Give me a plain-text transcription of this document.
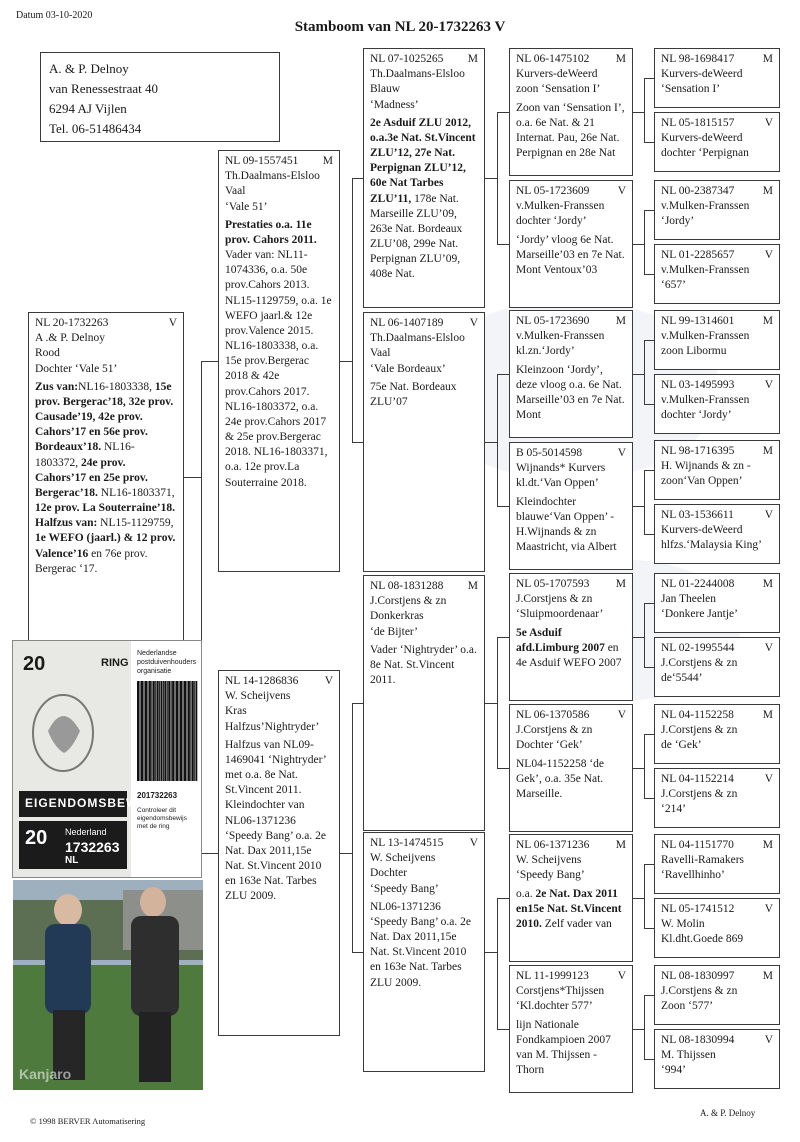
Datum 03-10-2020
Stamboom van NL 20-1732263 V
A. & P. Delnoy
van Renessestraat 40
6294 AJ Vijlen
Tel. 06-51486434
NL 20-1732263	V
A .& P. Delnoy
Rood
Dochter ‘Vale 51’
Zus van:NL16-1803338, 15e prov. Bergerac’18, 32e prov. Causade’19, 42e prov. Cahors’17 en 56e prov. Bordeaux’18. NL16-1803372, 24e prov. Cahors’17 en 25e prov. Bergerac’18. NL16-1803371, 12e prov. La Souterraine’18. Halfzus van: NL15-1129759, 1e WEFO (jaarl.) & 12 prov. Valence’16 en 76e prov. Bergerac ‘17.
NL 09-1557451 M
Th.Daalmans-Elsloo
Vaal
‘Vale 51’
Prestaties o.a. 11e prov. Cahors 2011. Vader van: NL11-1074336, o.a. 50e prov.Cahors 2013. NL15-1129759, o.a. 1e WEFO jaarl.& 12e prov.Valence 2015. NL16-1803338, o.a. 15e prov.Bergerac 2018 & 42e prov.Cahors 2017. NL16-1803372, o.a. 24e prov.Cahors 2017 & 25e prov.Bergerac 2018. NL16-1803371, o.a. 12e prov.La Souterraine 2018.
NL 14-1286836 V
W. Scheijvens
Kras
Halfzus’Nightryder’
Halfzus van NL09-1469041 ‘Nightryder’ met o.a. 8e Nat. St.Vincent 2011. Kleindochter van NL06-1371236 ‘Speedy Bang’ o.a. 2e Nat. Dax 2011,15e Nat. St.Vincent 2010 en 163e Nat. Tarbes ZLU 2009.
NL 07-1025265 M
Th.Daalmans-Elsloo
Blauw
‘Madness’
2e Asduif ZLU 2012, o.a.3e Nat. St.Vincent ZLU’12, 27e Nat. Perpignan ZLU’12, 60e Nat Tarbes ZLU’11, 178e Nat. Marseille ZLU’09, 263e Nat. Bordeaux ZLU’08, 299e Nat. Perpignan ZLU’09, 408e Nat.
NL 06-1407189 V
Th.Daalmans-Elsloo
Vaal
‘Vale Bordeaux’
75e Nat. Bordeaux ZLU’07
NL 08-1831288 M
J.Corstjens & zn
Donkerkras
‘de Bijter’
Vader ‘Nightryder’ o.a. 8e Nat. St.Vincent 2011.
NL 13-1474515 V
W. Scheijvens
Dochter
‘Speedy Bang’
NL06-1371236 ‘Speedy Bang’ o.a. 2e Nat. Dax 2011,15e Nat. St.Vincent 2010 en 163e Nat. Tarbes ZLU 2009.
NL 06-1475102 M
Kurvers-deWeerd
zoon ‘Sensation I’
Zoon van ‘Sensation I’, o.a. 6e Nat. & 21 Internat. Pau, 26e Nat. Perpignan en 28e Nat
NL 05-1723609 V
v.Mulken-Franssen
dochter ‘Jordy’
‘Jordy’ vloog 6e Nat. Marseille’03 en 7e Nat. Mont Ventoux’03
NL 05-1723690 M
v.Mulken-Franssen
kl.zn.‘Jordy’
Kleinzoon ‘Jordy’, deze vloog o.a. 6e Nat. Marseille’03 en 7e Nat. Mont
B 05-5014598	V
Wijnands* Kurvers
kl.dt.‘Van Oppen’
Kleindochter blauwe‘Van Oppen’ - H.Wijnands & zn Maastricht, via Albert
NL 05-1707593 M
J.Corstjens & zn
‘Sluipmoordenaar’
5e Asduif afd.Limburg 2007 en 4e Asduif WEFO 2007
NL 06-1370586 V
J.Corstjens & zn
Dochter ‘Gek’
NL04-1152258 ‘de Gek’, o.a. 35e Nat. Marseille.
NL 06-1371236 M
W. Scheijvens
‘Speedy Bang’
o.a. 2e Nat. Dax 2011 en15e Nat. St.Vincent 2010. Zelf vader van
NL 11-1999123	V
Corstjens*Thijssen
‘Kl.dochter 577’
lijn Nationale Fondkampioen 2007 van M. Thijssen - Thorn
NL 98-1698417 M
Kurvers-deWeerd
‘Sensation I’
NL 05-1815157	V
Kurvers-deWeerd
dochter ‘Perpignan
NL 00-2387347 M
v.Mulken-Franssen
‘Jordy’
NL 01-2285657	V
v.Mulken-Franssen
‘657’
NL 99-1314601 M
v.Mulken-Franssen
zoon Libormu
NL 03-1495993	V
v.Mulken-Franssen
dochter ‘Jordy’
NL 98-1716395 M
H. Wijnands & zn -
zoon‘Van Oppen’
NL 03-1536611	V
Kurvers-deWeerd
hlfzs.‘Malaysia King’
NL 01-2244008 M
Jan Theelen
‘Donkere Jantje’
NL 02-1995544	V
J.Corstjens & zn
de‘5544’
NL 04-1152258	M
J.Corstjens & zn
de ‘Gek’
NL 04-1152214	V
J.Corstjens & zn
‘214’
NL 04-1151770	M
Ravelli-Ramakers
‘Ravellhinho’
NL 05-1741512	V
W. Molin
Kl.dht.Goede 869
NL 08-1830997 M
J.Corstjens & zn
Zoon ‘577’
NL 08-1830994	V
M. Thijssen
‘994’
EIGENDOMSBEWIJS
RING
20
20 Nederland
1732263
NL
Nederlandse
postduivenhouders
organisatie
201732263
Controleer dit eigendomsbewijs met de ring
Kanjaro
© 1998 BERVER Automatisering
A. & P. Delnoy
